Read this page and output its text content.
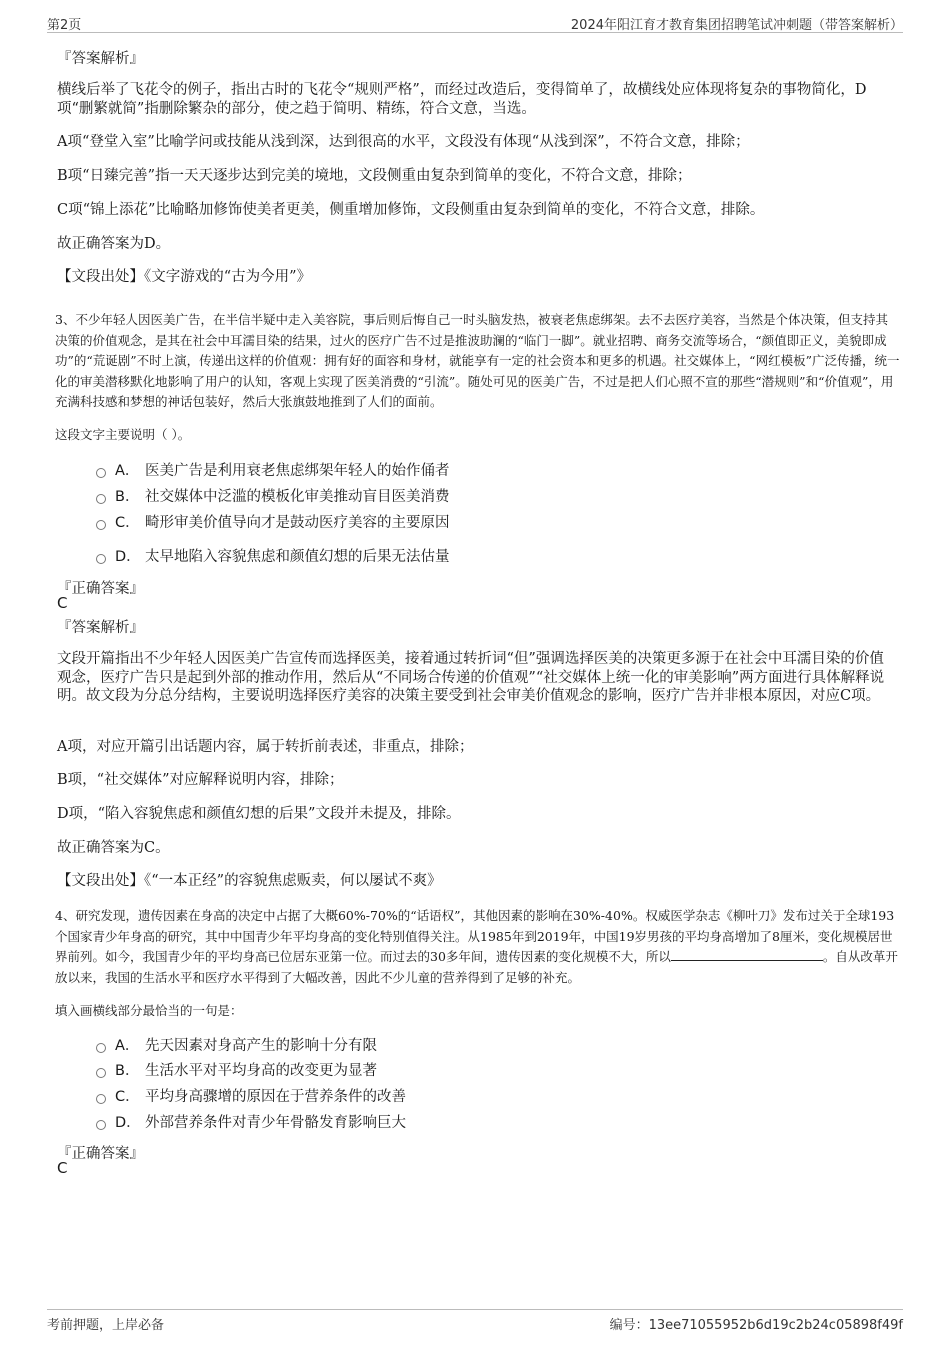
第2页	2024年阳江育才教育集团招聘笔试冲刺题（带答案解析）
『答案解析』
横线后举了飞花令的例子，指出古时的飞花令“规则严格”，而经过改造后，变得简单了，故横线处应体现将复杂的事物简化，D项“删繁就简”指删除繁杂的部分，使之趋于简明、精练，符合文意，当选。
A项“登堂入室”比喻学问或技能从浅到深，达到很高的水平，文段没有体现“从浅到深”，不符合文意，排除；
B项“日臻完善”指一天天逐步达到完美的境地，文段侧重由复杂到简单的变化，不符合文意，排除；
C项“锦上添花”比喻略加修饰使美者更美，侧重增加修饰，文段侧重由复杂到简单的变化，不符合文意，排除。
故正确答案为D。
【文段出处】《文字游戏的“古为今用”》
3、不少年轻人因医美广告，在半信半疑中走入美容院，事后则后悔自己一时头脑发热，被衰老焦虑绑架。去不去医疗美容，当然是个体决策，但支持其决策的价值观念，是其在社会中耳濡目染的结果，过火的医疗广告不过是推波助澜的“临门一脚”。就业招聘、商务交流等场合，“颜值即正义，美貌即成功”的“荒诞剧”不时上演，传递出这样的价值观：拥有好的面容和身材，就能享有一定的社会资本和更多的机遇。社交媒体上，“网红模板”广泛传播，统一化的审美潜移默化地影响了用户的认知，客观上实现了医美消费的“引流”。随处可见的医美广告，不过是把人们心照不宣的那些“潜规则”和“价值观”，用充满科技感和梦想的神话包装好，然后大张旗鼓地推到了人们的面前。
这段文字主要说明（ ）。
A． 医美广告是利用衰老焦虑绑架年轻人的始作俑者
B． 社交媒体中泛滥的模板化审美推动盲目医美消费
C． 畸形审美价值导向才是鼓动医疗美容的主要原因
D． 太早地陷入容貌焦虑和颜值幻想的后果无法估量
『正确答案』
C
『答案解析』
文段开篇指出不少年轻人因医美广告宣传而选择医美，接着通过转折词“但”强调选择医美的决策更多源于在社会中耳濡目染的价值观念，医疗广告只是起到外部的推动作用，然后从“不同场合传递的价值观”“社交媒体上统一化的审美影响”两方面进行具体解释说明。故文段为分总分结构，主要说明选择医疗美容的决策主要受到社会审美价值观念的影响，医疗广告并非根本原因，对应C项。
A项，对应开篇引出话题内容，属于转折前表述，非重点，排除；
B项，“社交媒体”对应解释说明内容，排除；
D项，“陷入容貌焦虑和颜值幻想的后果”文段并未提及，排除。
故正确答案为C。
【文段出处】《“一本正经”的容貌焦虑贩卖，何以屡试不爽》
4、研究发现，遗传因素在身高的决定中占据了大概60%-70%的“话语权”，其他因素的影响在30%-40%。权威医学杂志《柳叶刀》发布过关于全球193个国家青少年身高的研究，其中中国青少年平均身高的变化特别值得关注。从1985年到2019年，中国19岁男孩的平均身高增加了8厘米，变化规模居世界前列。如今，我国青少年的平均身高已位居东亚第一位。而过去的30多年间，遗传因素的变化规模不大，所以	。自从改革开放以来，我国的生活水平和医疗水平得到了大幅改善，因此不少儿童的营养得到了足够的补充。
填入画横线部分最恰当的一句是：
A． 先天因素对身高产生的影响十分有限
B． 生活水平对平均身高的改变更为显著
C． 平均身高骤增的原因在于营养条件的改善
D． 外部营养条件对青少年骨骼发育影响巨大
『正确答案』
C
考前押题，上岸必备	编号：13ee71055952b6d19c2b24c05898f49f
